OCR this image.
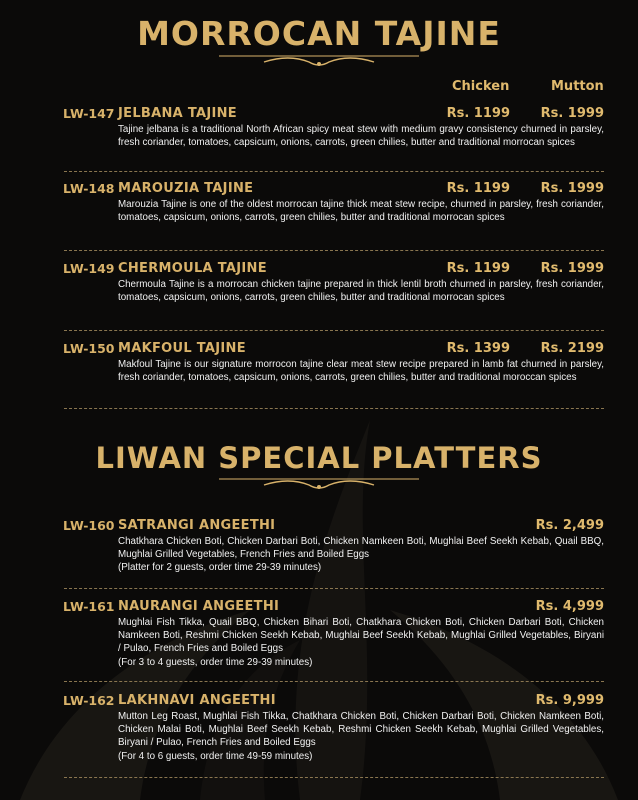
MORROCAN TAJINE
Chicken	Mutton
LW-147 JELBANA TAJINE	Rs. 1199 Rs. 1999
Tajine jelbana is a traditional North African spicy meat stew with medium gravy consistency churned in parsley, fresh coriander, tomatoes, capsicum, onions, carrots, green chilies, butter and traditional morrocan spices
LW-148 MAROUZIA TAJINE	Rs. 1199 Rs. 1999
Marouzia Tajine is one of the oldest morrocan tajine thick meat stew recipe, churned in parsley, fresh coriander, tomatoes, capsicum, onions, carrots, green chilies, butter and traditional morrocan spices
LW-149 CHERMOULA TAJINE	Rs. 1199 Rs. 1999
Chermoula Tajine is a morrocan chicken tajine prepared in thick lentil broth churned in parsley, fresh coriander, tomatoes, capsicum, onions, carrots, green chilies, butter and traditional morrocan spices
LW-150 MAKFOUL TAJINE	Rs. 1399 Rs. 2199
Makfoul Tajine is our signature morrocon tajine clear meat stew recipe prepared in lamb fat churned in parsley, fresh coriander, tomatoes, capsicum, onions, carrots, green chilies, butter and traditional moroccan spices
LIWAN SPECIAL PLATTERS
LW-160 SATRANGI ANGEETHI	Rs. 2,499
Chatkhara Chicken Boti, Chicken Darbari Boti, Chicken Namkeen Boti, Mughlai Beef Seekh Kebab, Quail BBQ, Mughlai Grilled Vegetables, French Fries and Boiled Eggs
(Platter for 2 guests, order time 29-39 minutes)
LW-161 NAURANGI ANGEETHI	Rs. 4,999
Mughlai Fish Tikka, Quail BBQ, Chicken Bihari Boti, Chatkhara Chicken Boti, Chicken Darbari Boti, Chicken Namkeen Boti, Reshmi Chicken Seekh Kebab, Mughlai Beef Seekh Kebab, Mughlai Grilled Vegetables, Biryani / Pulao, French Fries and Boiled Eggs
(For 3 to 4 guests, order time 29-39 minutes)
LW-162 LAKHNAVI ANGEETHI	Rs. 9,999
Mutton Leg Roast, Mughlai Fish Tikka, Chatkhara Chicken Boti, Chicken Darbari Boti, Chicken Namkeen Boti, Chicken Malai Boti, Mughlai Beef Seekh Kebab, Reshmi Chicken Seekh Kebab, Mughlai Grilled Vegetables, Biryani / Pulao, French Fries and Boiled Eggs
(For 4 to 6 guests, order time 49-59 minutes)
